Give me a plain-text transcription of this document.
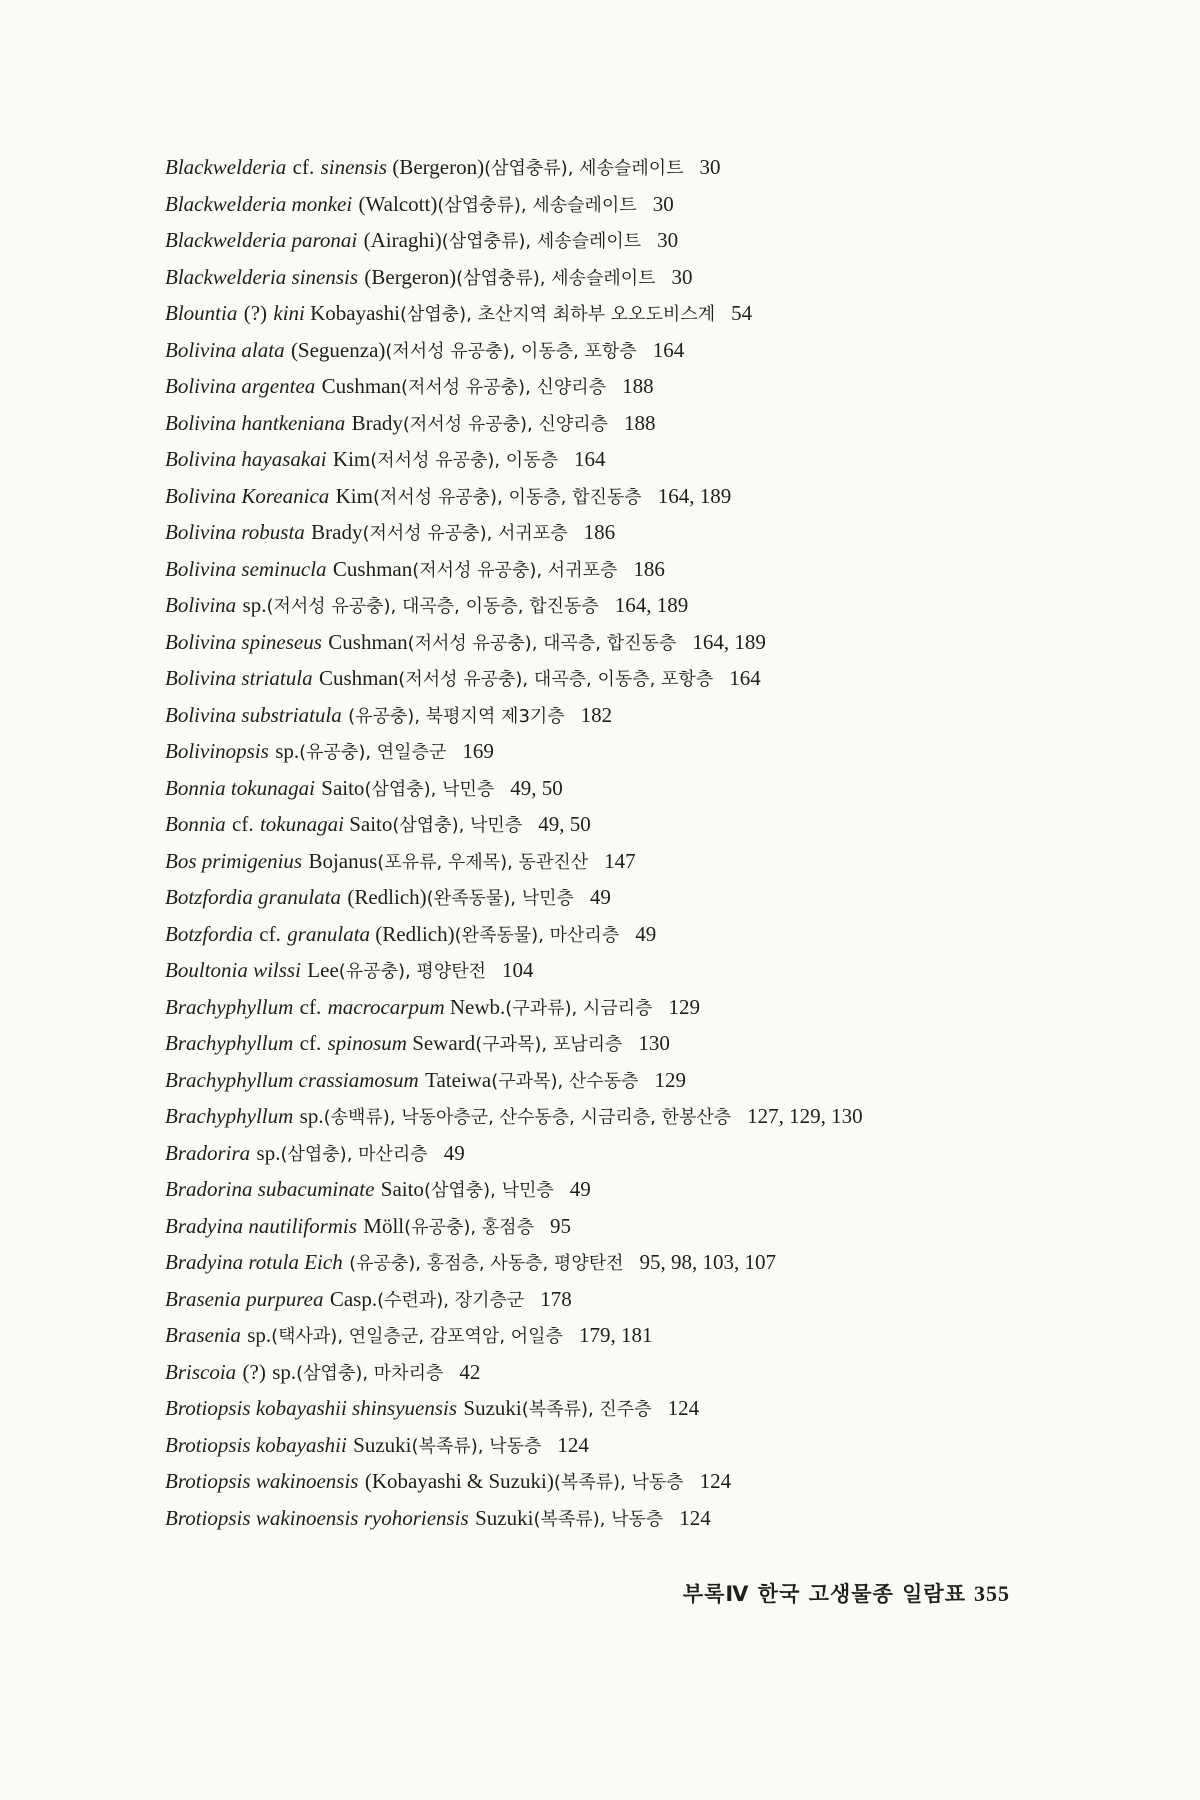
Blackwelderia cf. sinensis (Bergeron)(삼엽충류), 세송슬레이트 30
Blackwelderia monkei (Walcott)(삼엽충류), 세송슬레이트 30
Blackwelderia paronai (Airaghi)(삼엽충류), 세송슬레이트 30
Blackwelderia sinensis (Bergeron)(삼엽충류), 세송슬레이트 30
Blountia (?) kini Kobayashi(삼엽충), 초산지역 최하부 오오도비스계 54
Bolivina alata (Seguenza)(저서성 유공충), 이동층, 포항층 164
Bolivina argentea Cushman(저서성 유공충), 신양리층 188
Bolivina hantkeniana Brady(저서성 유공충), 신양리층 188
Bolivina hayasakai Kim(저서성 유공충), 이동층 164
Bolivina Koreanica Kim(저서성 유공충), 이동층, 합진동층 164, 189
Bolivina robusta Brady(저서성 유공충), 서귀포층 186
Bolivina seminucla Cushman(저서성 유공충), 서귀포층 186
Bolivina sp.(저서성 유공충), 대곡층, 이동층, 합진동층 164, 189
Bolivina spineseus Cushman(저서성 유공충), 대곡층, 합진동층 164, 189
Bolivina striatula Cushman(저서성 유공충), 대곡층, 이동층, 포항층 164
Bolivina substriatula (유공충), 북평지역 제3기층 182
Bolivinopsis sp.(유공충), 연일층군 169
Bonnia tokunagai Saito(삼엽충), 낙민층 49, 50
Bonnia cf. tokunagai Saito(삼엽충), 낙민층 49, 50
Bos primigenius Bojanus(포유류, 우제목), 동관진산 147
Botzfordia granulata (Redlich)(완족동물), 낙민층 49
Botzfordia cf. granulata (Redlich)(완족동물), 마산리층 49
Boultonia wilssi Lee(유공충), 평양탄전 104
Brachyphyllum cf. macrocarpum Newb.(구과류), 시금리층 129
Brachyphyllum cf. spinosum Seward(구과목), 포남리층 130
Brachyphyllum crassiamosum Tateiwa(구과목), 산수동층 129
Brachyphyllum sp.(송백류), 낙동아층군, 산수동층, 시금리층, 한봉산층 127, 129, 130
Bradorira sp.(삼엽충), 마산리층 49
Bradorina subacuminate Saito(삼엽충), 낙민층 49
Bradyina nautiliformis Möll(유공충), 홍점층 95
Bradyina rotula Eich (유공충), 홍점층, 사동층, 평양탄전 95, 98, 103, 107
Brasenia purpurea Casp.(수련과), 장기층군 178
Brasenia sp.(택사과), 연일층군, 감포역암, 어일층 179, 181
Briscoia (?) sp.(삼엽충), 마차리층 42
Brotiopsis kobayashii shinsyuensis Suzuki(복족류), 진주층 124
Brotiopsis kobayashii Suzuki(복족류), 낙동층 124
Brotiopsis wakinoensis (Kobayashi & Suzuki)(복족류), 낙동층 124
Brotiopsis wakinoensis ryohoriensis Suzuki(복족류), 낙동층 124
부록Ⅳ 한국 고생물종 일람표 355
